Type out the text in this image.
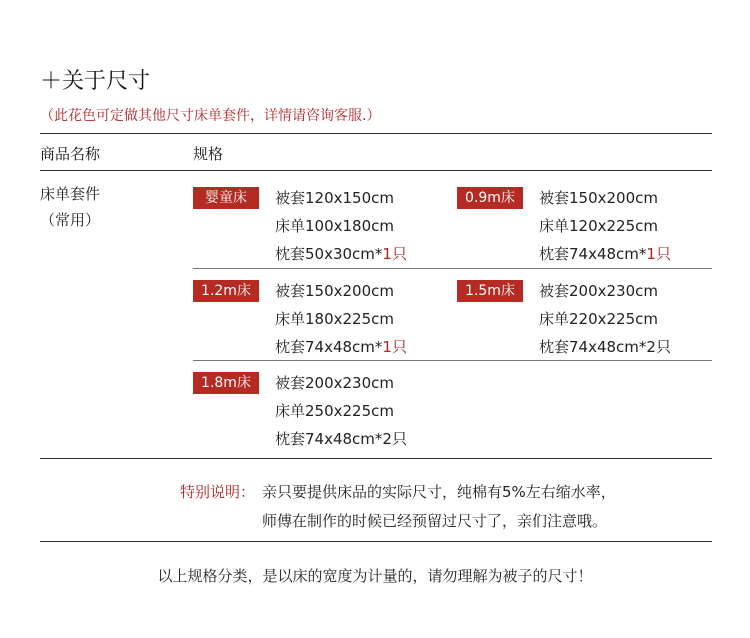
＋关于尺寸
（此花色可定做其他尺寸床单套件，详情请咨询客服.）
商品名称	规格
床单套件
（常用）
婴童床	被套120x150cm
床单100x180cm
枕套50x30cm*1只
0.9m床	被套150x200cm
床单120x225cm
枕套74x48cm*1只
1.2m床	被套150x200cm
床单180x225cm
枕套74x48cm*1只
1.5m床	被套200x230cm
床单220x225cm
枕套74x48cm*2只
1.8m床	被套200x230cm
床单250x225cm
枕套74x48cm*2只
特别说明： 亲只要提供床品的实际尺寸，纯棉有5%左右缩水率，
师傅在制作的时候已经预留过尺寸了，亲们注意哦。
以上规格分类，是以床的宽度为计量的，请勿理解为被子的尺寸！
